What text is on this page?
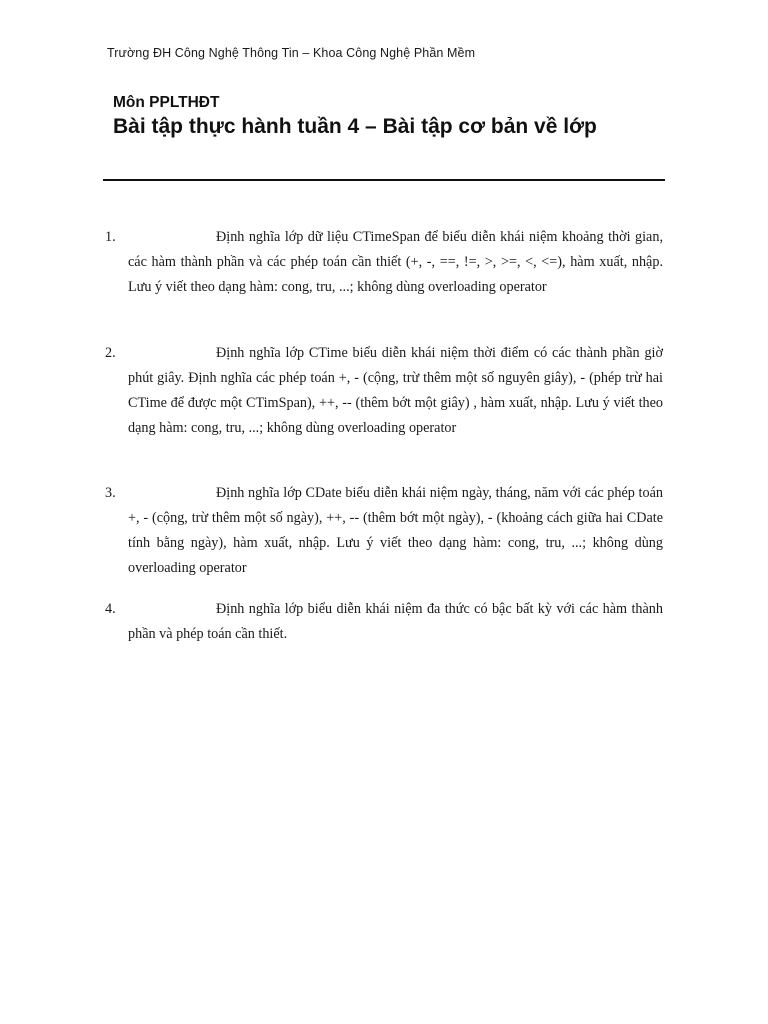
Trường ĐH Công Nghệ Thông Tin – Khoa Công Nghệ Phần Mềm
Môn PPLTHĐT
Bài tập thực hành tuần 4 – Bài tập cơ bản về lớp
1.	Định nghĩa lớp dữ liệu CTimeSpan để biểu diễn khái niệm khoảng thời gian, các hàm thành phần và các phép toán cần thiết (+, -, ==, !=, >, >=, <, <=), hàm xuất, nhập. Lưu ý viết theo dạng hàm: cong, tru, ...; không dùng overloading operator
2.	Định nghĩa lớp CTime biểu diễn khái niệm thời điểm có các thành phần giờ phút giây. Định nghĩa các phép toán +, - (cộng, trừ thêm một số nguyên giây), - (phép trừ hai CTime để được một CTimSpan), ++, -- (thêm bớt một giây) , hàm xuất, nhập. Lưu ý viết theo dạng hàm: cong, tru, ...; không dùng overloading operator
3.	Định nghĩa lớp CDate biểu diễn khái niệm ngày, tháng, năm với các phép toán +, - (cộng, trừ thêm một số ngày), ++, -- (thêm bớt một ngày), - (khoảng cách giữa hai CDate tính bằng ngày), hàm xuất, nhập. Lưu ý viết theo dạng hàm: cong, tru, ...; không dùng overloading operator
4.	Định nghĩa lớp biểu diễn khái niệm đa thức có bậc bất kỳ với các hàm thành phần và phép toán cần thiết.
